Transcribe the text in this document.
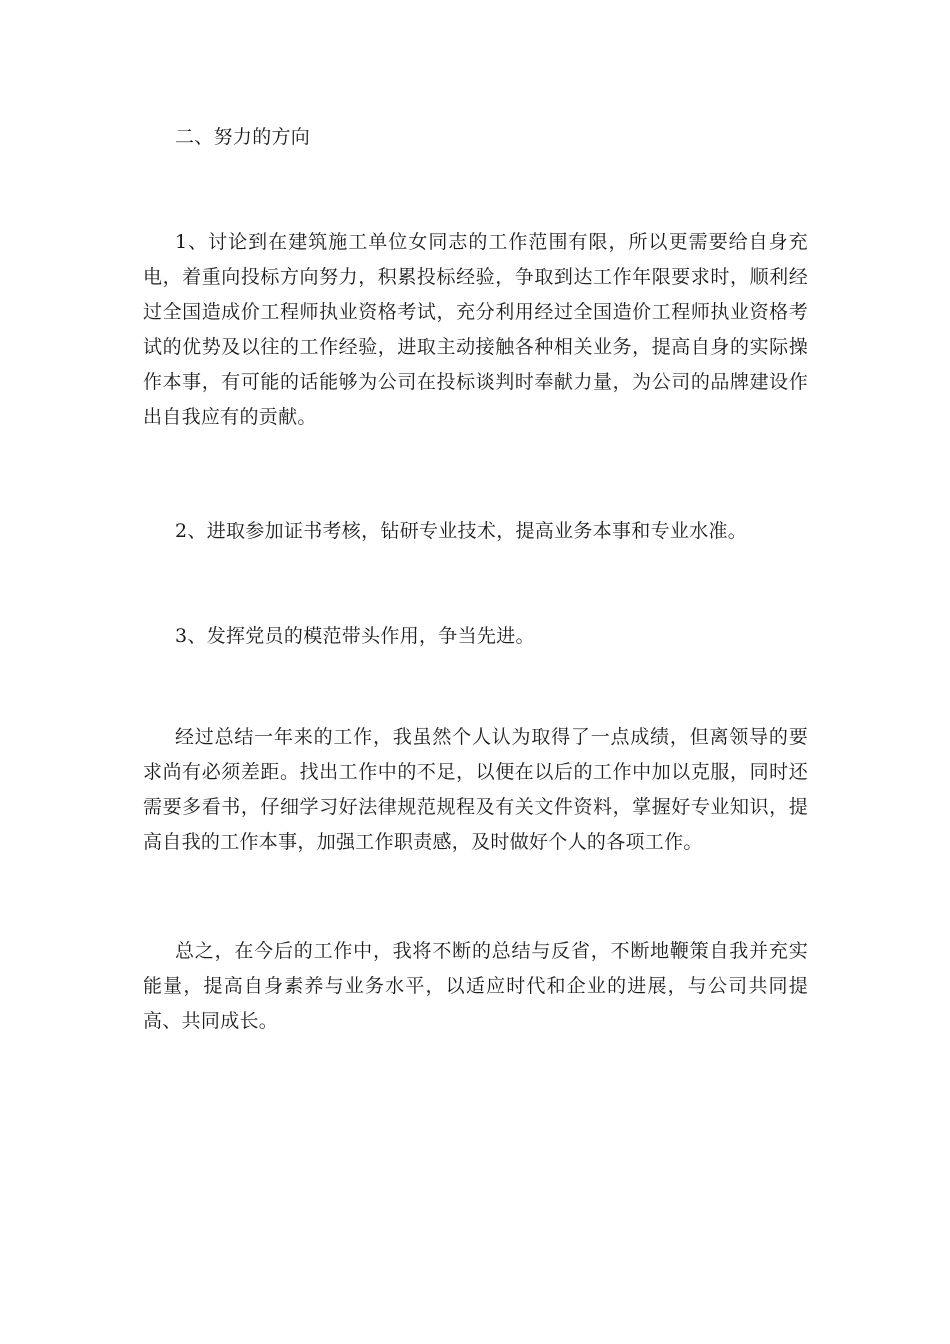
二、努力的方向

1、讨论到在建筑施工单位女同志的工作范围有限，所以更需要给自身充电，着重向投标方向努力，积累投标经验，争取到达工作年限要求时，顺利经过全国造成价工程师执业资格考试，充分利用经过全国造价工程师执业资格考试的优势及以往的工作经验，进取主动接触各种相关业务，提高自身的实际操作本事，有可能的话能够为公司在投标谈判时奉献力量，为公司的品牌建设作出自我应有的贡献。

2、进取参加证书考核，钻研专业技术，提高业务本事和专业水准。

3、发挥党员的模范带头作用，争当先进。

经过总结一年来的工作，我虽然个人认为取得了一点成绩，但离领导的要求尚有必须差距。找出工作中的不足，以便在以后的工作中加以克服，同时还需要多看书，仔细学习好法律规范规程及有关文件资料，掌握好专业知识，提高自我的工作本事，加强工作职责感，及时做好个人的各项工作。

总之，在今后的工作中，我将不断的总结与反省，不断地鞭策自我并充实能量，提高自身素养与业务水平，以适应时代和企业的进展，与公司共同提高、共同成长。
